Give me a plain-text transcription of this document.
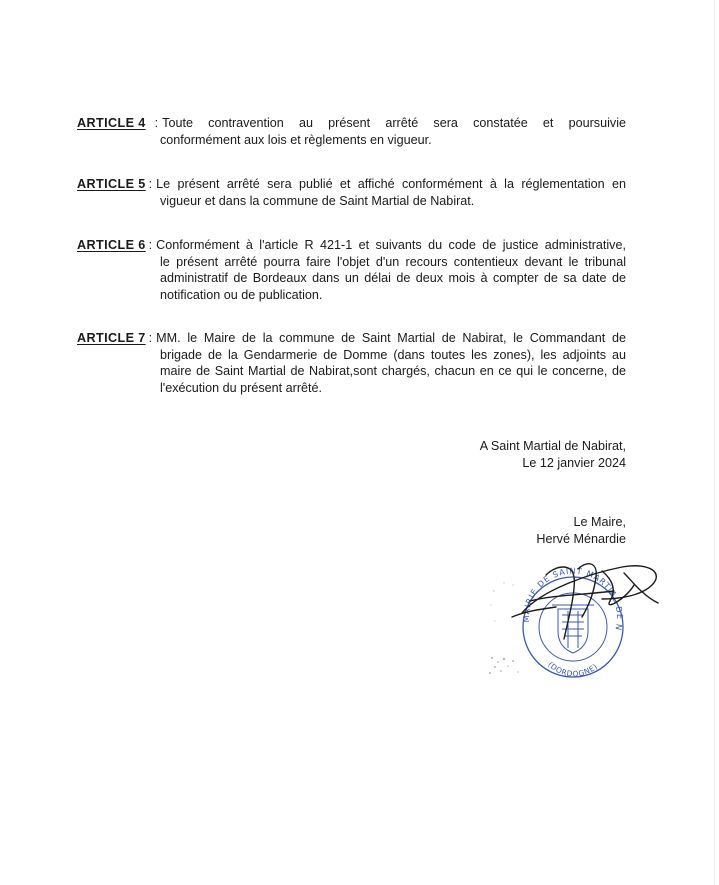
ARTICLE 4 : Toute contravention au présent arrêté sera constatée et poursuivie
conformément aux lois et règlements en vigueur.
ARTICLE 5 : Le présent arrêté sera publié et affiché conformément à la réglementation en
vigueur et dans la commune de Saint Martial de Nabirat.
ARTICLE 6 : Conformément à l'article R 421-1 et suivants du code de justice administrative,
le présent arrêté pourra faire l'objet d'un recours contentieux devant le tribunal administratif de Bordeaux dans un délai de deux mois à compter de sa date de notification ou de publication.
ARTICLE 7 : MM. le Maire de la commune de Saint Martial de Nabirat, le Commandant de
brigade de la Gendarmerie de Domme (dans toutes les zones), les adjoints au maire de Saint Martial de Nabirat,sont chargés, chacun en ce qui le concerne, de l'exécution du présent arrêté.
A Saint Martial de Nabirat,
Le 12 janvier 2024
Le Maire,
Hervé Ménardie
MAIRIE DE SAINT MARTIAL DE N
(DORDOGNE)
